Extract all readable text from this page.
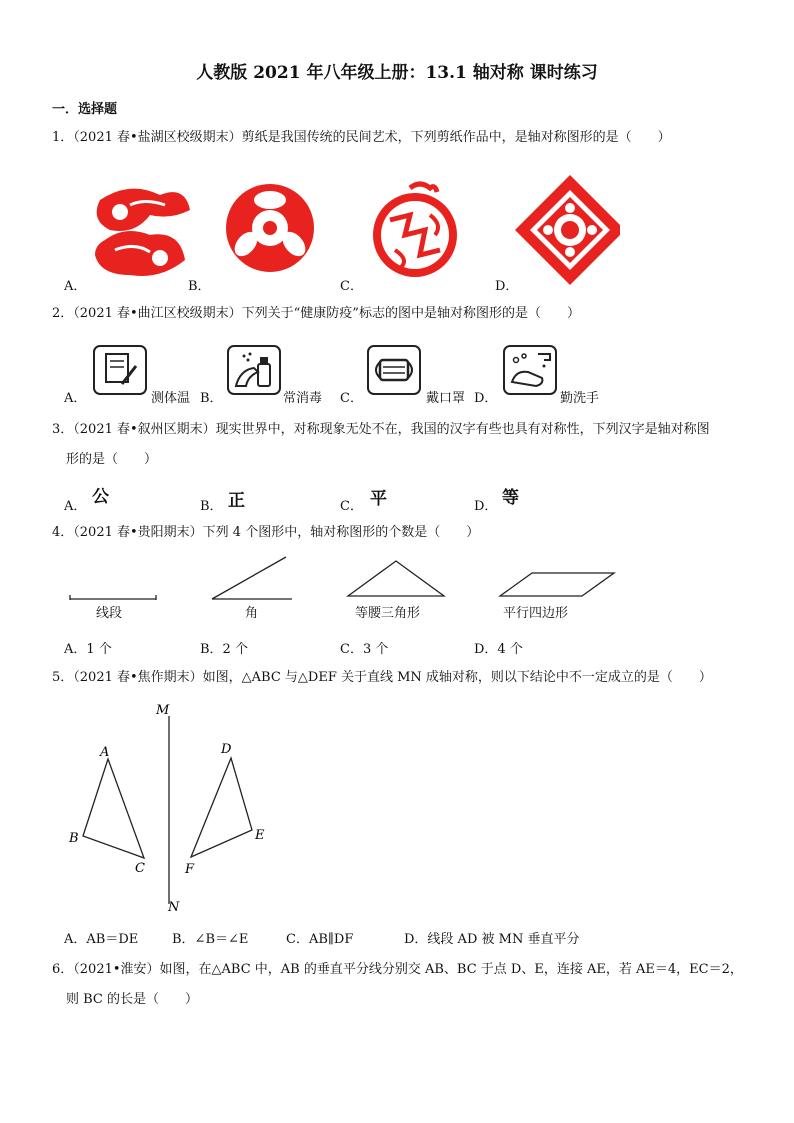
人教版 2021 年八年级上册：13.1 轴对称 课时练习
一．选择题
1．（2021 春•盐湖区校级期末）剪纸是我国传统的民间艺术，下列剪纸作品中，是轴对称图形的是（　　）
A．	B．	C．	D．
2．（2021 春•曲江区校级期末）下列关于“健康防疫”标志的图中是轴对称图形的是（　　）
A．	测体温 B．	常消毒 C．	戴口罩 D．	勤洗手
3．（2021 春•叙州区期末）现实世界中，对称现象无处不在，我国的汉字有些也具有对称性，下列汉字是轴对称图
形的是（　　）
A． 公	B． 正	C． 平	D． 等
4．（2021 春•贵阳期末）下列 4 个图形中，轴对称图形的个数是（　　）
线段	角	等腰三角形	平行四边形
A．1 个	B．2 个	C．3 个	D．4 个
5．（2021 春•焦作期末）如图，△ABC 与△DEF 关于直线 MN 成轴对称，则以下结论中不一定成立的是（　　）
M
N
A
B
C
D
E
F
A．AB＝DE	B．∠B＝∠E	C．AB∥DF	D．线段 AD 被 MN 垂直平分
6．（2021•淮安）如图，在△ABC 中，AB 的垂直平分线分别交 AB、BC 于点 D、E，连接 AE，若 AE＝4，EC＝2，
则 BC 的长是（　　）
